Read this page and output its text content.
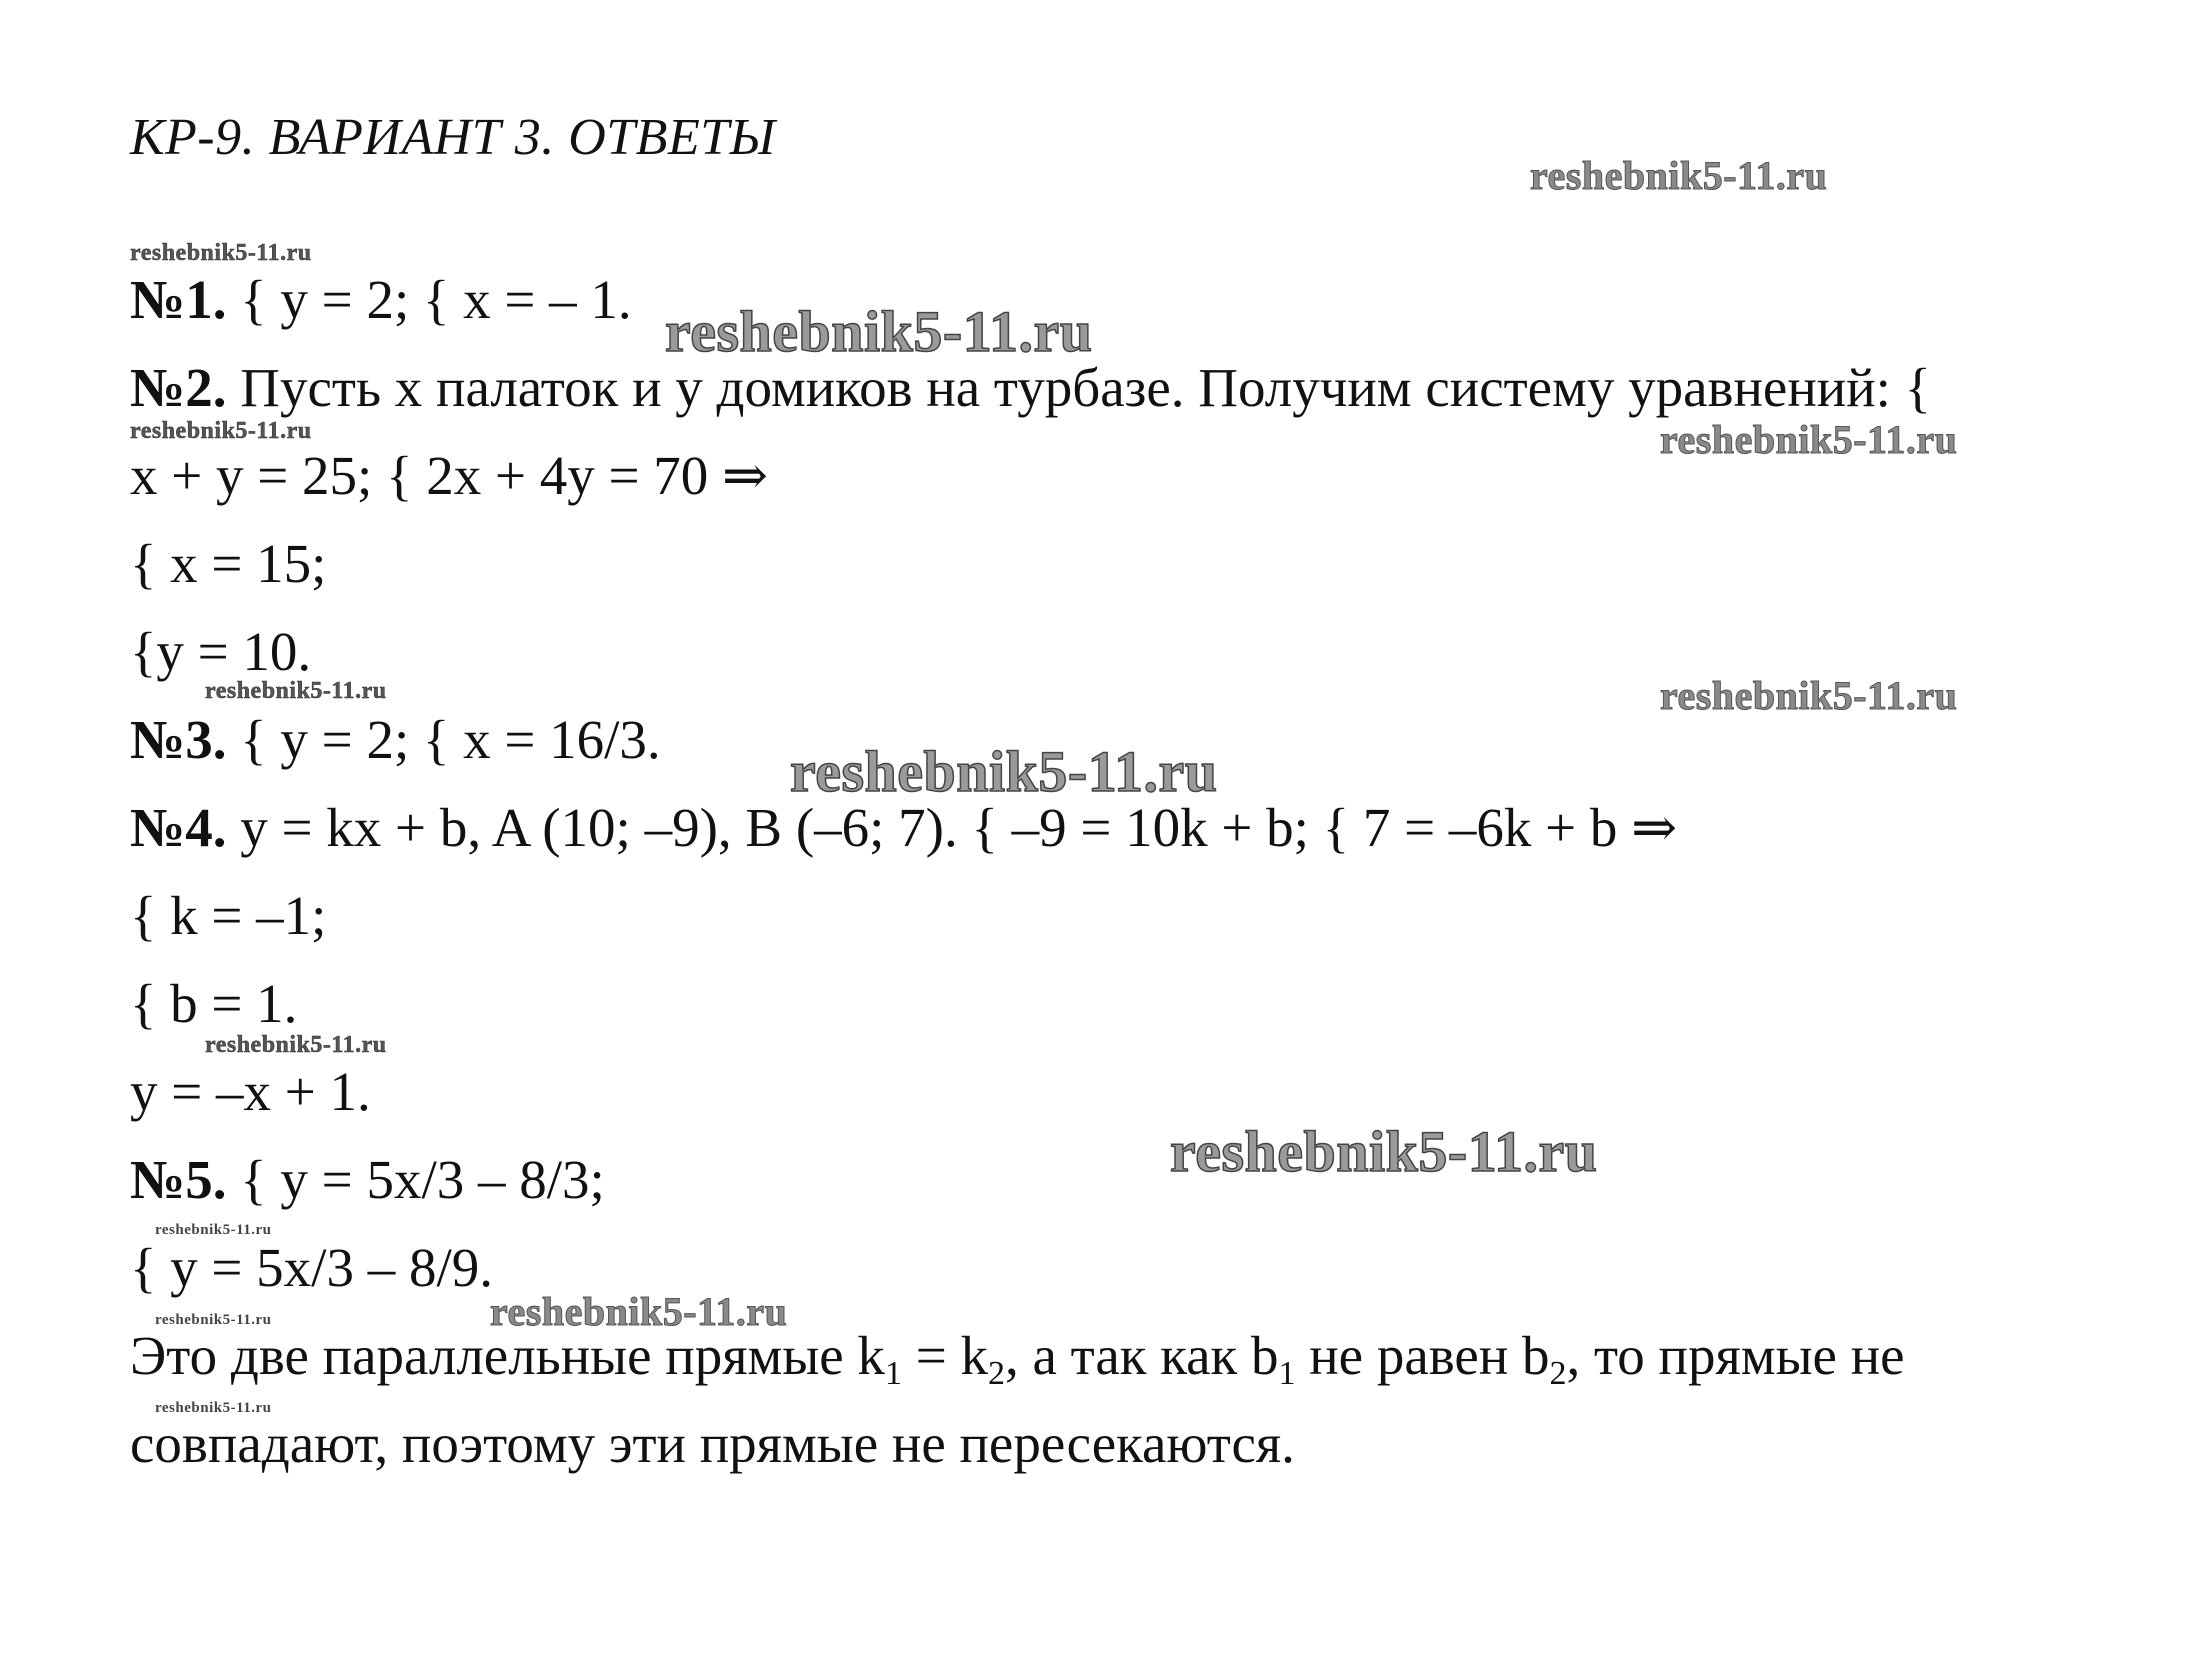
КР-9. ВАРИАНТ 3. ОТВЕТЫ
№1. { y = 2; { x = – 1.
№2. Пусть x палаток и y домиков на турбазе. Получим систему уравнений: {
x + y = 25; { 2x + 4y = 70 ⇒
{ x = 15;
{y = 10.
№3. { y = 2; { x = 16/3.
№4. y = kx + b, A (10; –9), B (–6; 7). { –9 = 10k + b; { 7 = –6k + b ⇒
{ k = –1;
{ b = 1.
y = –x + 1.
№5. { y = 5x/3 – 8/3;
{ y = 5x/3 – 8/9.
Это две параллельные прямые $k_1 = k_2$, а так как $b_1$ не равен $b_2$, то прямые не
совпадают, поэтому эти прямые не пересекаются.
reshebnik5-11.ru
reshebnik5-11.ru
reshebnik5-11.ru
reshebnik5-11.ru	reshebnik5-11.ru
reshebnik5-11.ru	reshebnik5-11.ru
reshebnik5-11.ru
reshebnik5-11.ru
reshebnik5-11.ru
reshebnik5-11.ru
reshebnik5-11.ru
reshebnik5-11.ru
reshebnik5-11.ru
